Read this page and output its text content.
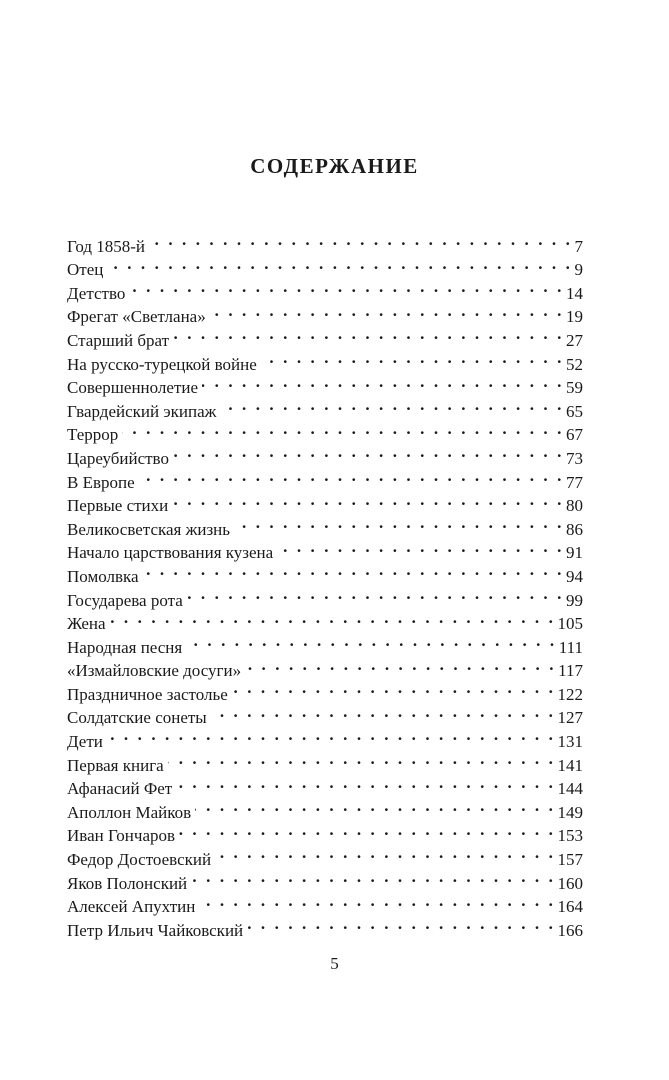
СОДЕРЖАНИЕ
Год 1858-й . . .	7
Отец . . .	9
Детство . . .	14
Фрегат «Светлана» . . .	19
Старший брат . . .	27
На русско-турецкой войне . . .	52
Совершеннолетие . . .	59
Гвардейский экипаж . . .	65
Террор . . .	67
Цареубийство . . .	73
В Европе . . .	77
Первые стихи . . .	80
Великосветская жизнь . . .	86
Начало царствования кузена . . .	91
Помолвка . . .	94
Государева рота . . .	99
Жена . . .	105
Народная песня . . .	111
«Измайловские досуги» . . .	117
Праздничное застолье . . .	122
Солдатские сонеты . . .	127
Дети . . .	131
Первая книга . . .	141
Афанасий Фет . . .	144
Аполлон Майков . . .	149
Иван Гончаров . . .	153
Федор Достоевский . . .	157
Яков Полонский . . .	160
Алексей Апухтин . . .	164
Петр Ильич Чайковский . . .	166
5
